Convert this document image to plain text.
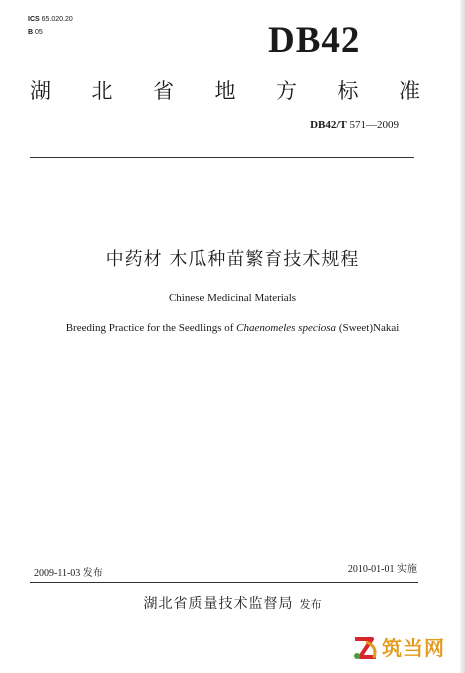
ICS 65.020.20
B 05	DB42
湖 北 省 地 方 标 准
DB42/T 571—2009
中药材 木瓜种苗繁育技术规程
Chinese Medicinal Materials
Breeding Practice for the Seedlings of Chaenomeles speciosa (Sweet)Nakai
2009-11-03 发布	2010-01-01 实施
湖北省质量技术监督局 发布
筑当网
